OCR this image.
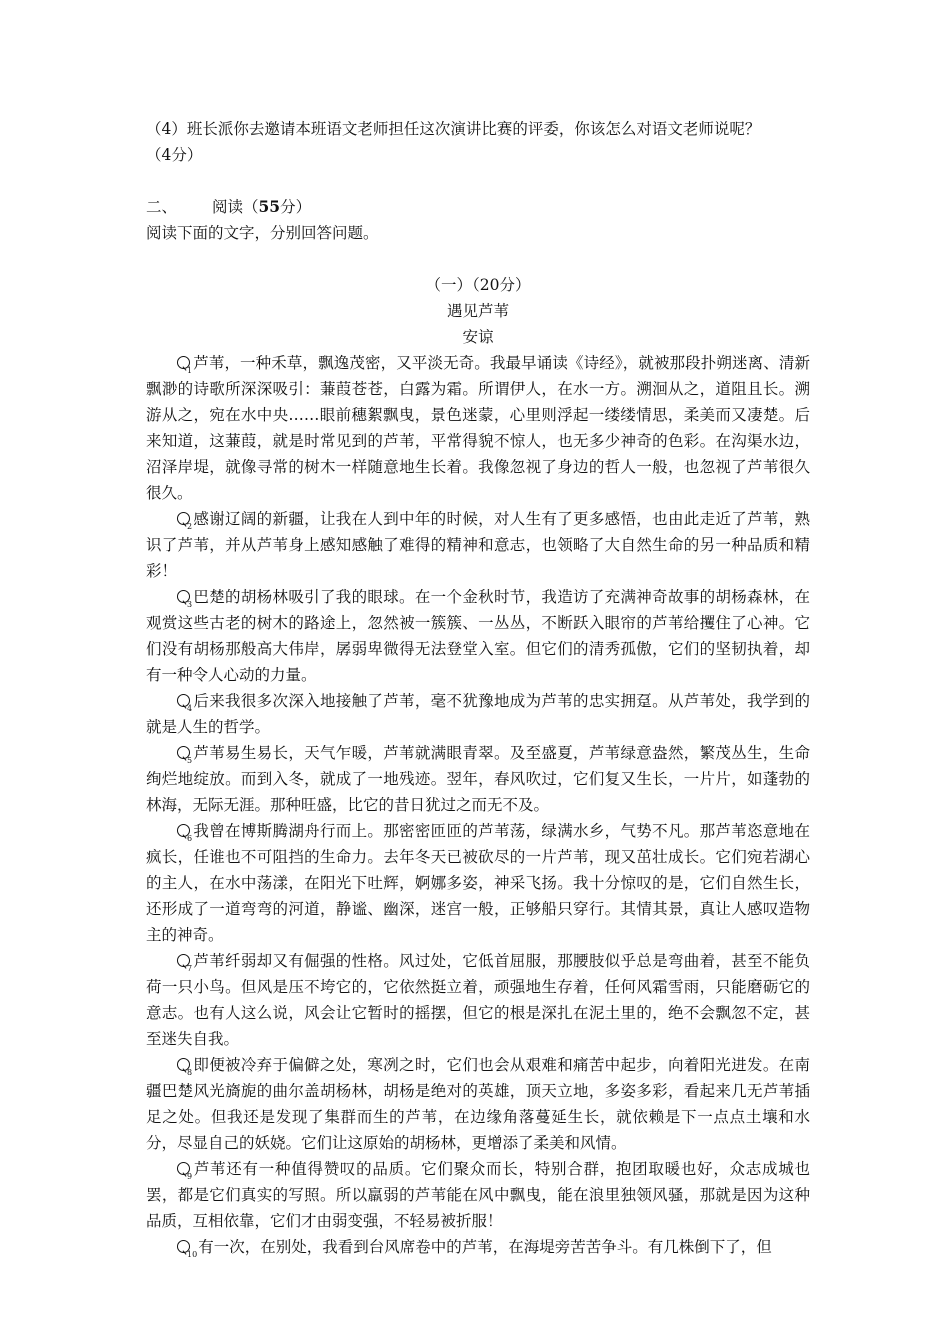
（4）班长派你去邀请本班语文老师担任这次演讲比赛的评委，你该怎么对语文老师说呢？

（4分）

二、 阅读（55分）

阅读下面的文字，分别回答问题。

（一）（20分）
遇见芦苇
安谅

1芦苇，一种禾草，飘逸茂密，又平淡无奇。我最早诵读《诗经》，就被那段扑朔迷离、清新飘渺的诗歌所深深吸引：蒹葭苍苍，白露为霜。所谓伊人，在水一方。溯洄从之，道阻且长。溯游从之，宛在水中央……眼前穗絮飘曳，景色迷蒙，心里则浮起一缕缕情思，柔美而又凄楚。后来知道，这蒹葭，就是时常见到的芦苇，平常得貌不惊人，也无多少神奇的色彩。在沟渠水边，沼泽岸堤，就像寻常的树木一样随意地生长着。我像忽视了身边的哲人一般，也忽视了芦苇很久很久。

2感谢辽阔的新疆，让我在人到中年的时候，对人生有了更多感悟，也由此走近了芦苇，熟识了芦苇，并从芦苇身上感知感触了难得的精神和意志，也领略了大自然生命的另一种品质和精彩！

3巴楚的胡杨林吸引了我的眼球。在一个金秋时节，我造访了充满神奇故事的胡杨森林，在观赏这些古老的树木的路途上，忽然被一簇簇、一丛丛，不断跃入眼帘的芦苇给攫住了心神。它们没有胡杨那般高大伟岸，孱弱卑微得无法登堂入室。但它们的清秀孤傲，它们的坚韧执着，却有一种令人心动的力量。

4后来我很多次深入地接触了芦苇，毫不犹豫地成为芦苇的忠实拥趸。从芦苇处，我学到的就是人生的哲学。

5芦苇易生易长，天气乍暖，芦苇就满眼青翠。及至盛夏，芦苇绿意盎然，繁茂丛生，生命绚烂地绽放。而到入冬，就成了一地残迹。翌年，春风吹过，它们复又生长，一片片，如蓬勃的林海，无际无涯。那种旺盛，比它的昔日犹过之而无不及。

6我曾在博斯腾湖舟行而上。那密密匝匝的芦苇荡，绿满水乡，气势不凡。那芦苇恣意地在疯长，任谁也不可阻挡的生命力。去年冬天已被砍尽的一片芦苇，现又茁壮成长。它们宛若湖心的主人，在水中荡漾，在阳光下吐辉，婀娜多姿，神采飞扬。我十分惊叹的是，它们自然生长，还形成了一道弯弯的河道，静谧、幽深，迷宫一般，正够船只穿行。其情其景，真让人感叹造物主的神奇。

7芦苇纤弱却又有倔强的性格。风过处，它低首屈服，那腰肢似乎总是弯曲着，甚至不能负荷一只小鸟。但风是压不垮它的，它依然挺立着，顽强地生存着，任何风霜雪雨，只能磨砺它的意志。也有人这么说，风会让它暂时的摇摆，但它的根是深扎在泥土里的，绝不会飘忽不定，甚至迷失自我。

8即便被冷弃于偏僻之处，寒冽之时，它们也会从艰难和痛苦中起步，向着阳光进发。在南疆巴楚风光旖旎的曲尔盖胡杨林，胡杨是绝对的英雄，顶天立地，多姿多彩，看起来几无芦苇插足之处。但我还是发现了集群而生的芦苇，在边缘角落蔓延生长，就依赖是下一点点土壤和水分，尽显自己的妖娆。它们让这原始的胡杨林，更增添了柔美和风情。

9芦苇还有一种值得赞叹的品质。它们聚众而长，特别合群，抱团取暖也好，众志成城也罢，都是它们真实的写照。所以羸弱的芦苇能在风中飘曳，能在浪里独领风骚，那就是因为这种品质，互相依靠，它们才由弱变强，不轻易被折服！

10有一次，在别处，我看到台风席卷中的芦苇，在海堤旁苦苦争斗。有几株倒下了，但
